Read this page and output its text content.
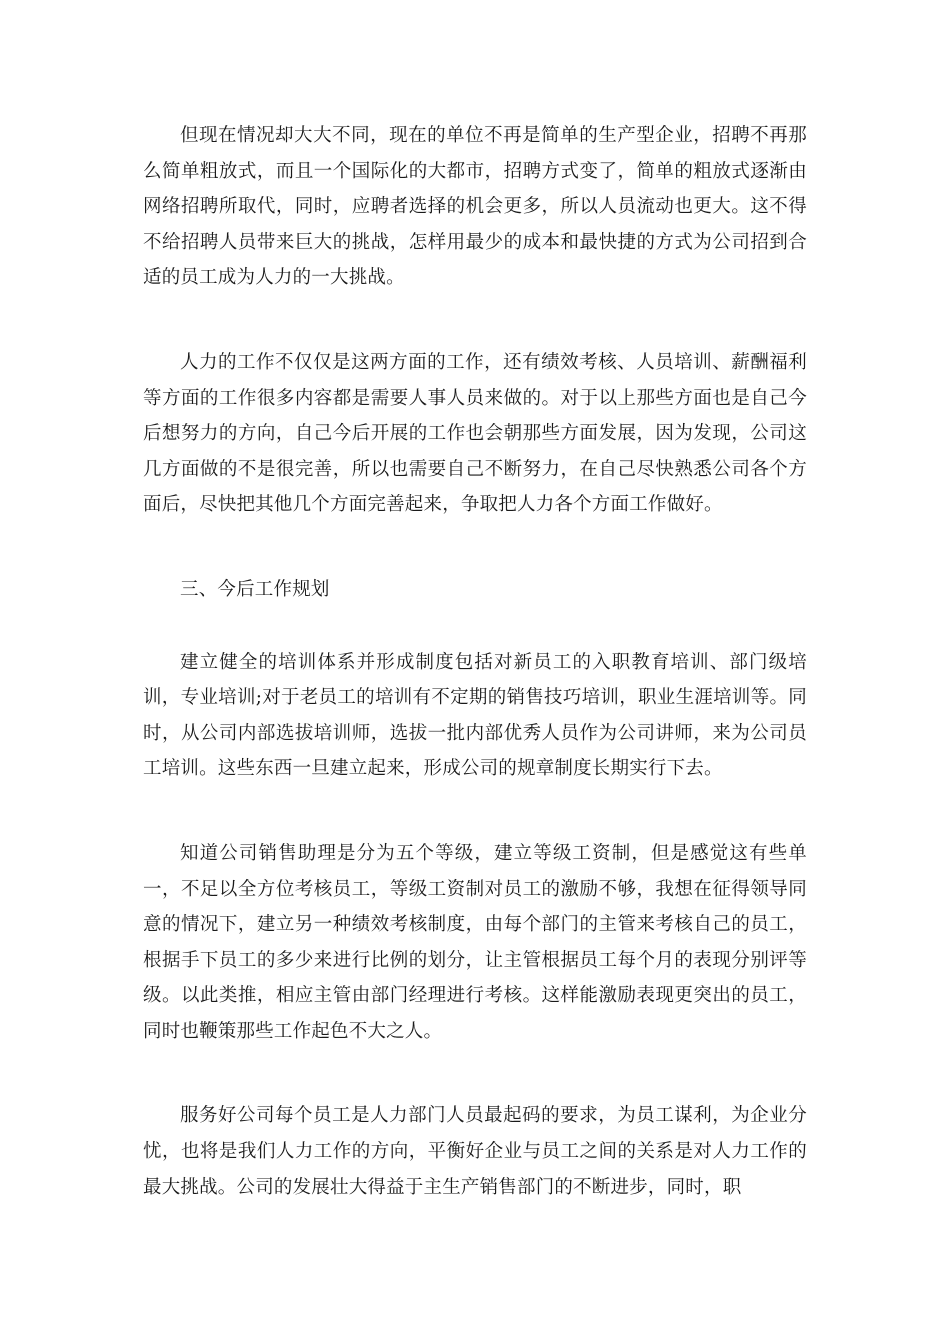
但现在情况却大大不同，现在的单位不再是简单的生产型企业，招聘不再那么简单粗放式，而且一个国际化的大都市，招聘方式变了，简单的粗放式逐渐由网络招聘所取代，同时，应聘者选择的机会更多，所以人员流动也更大。这不得不给招聘人员带来巨大的挑战，怎样用最少的成本和最快捷的方式为公司招到合适的员工成为人力的一大挑战。

人力的工作不仅仅是这两方面的工作，还有绩效考核、人员培训、薪酬福利等方面的工作很多内容都是需要人事人员来做的。对于以上那些方面也是自己今后想努力的方向，自己今后开展的工作也会朝那些方面发展，因为发现，公司这几方面做的不是很完善，所以也需要自己不断努力，在自己尽快熟悉公司各个方面后，尽快把其他几个方面完善起来，争取把人力各个方面工作做好。

三、今后工作规划

建立健全的培训体系并形成制度包括对新员工的入职教育培训、部门级培训，专业培训;对于老员工的培训有不定期的销售技巧培训，职业生涯培训等。同时，从公司内部选拔培训师，选拔一批内部优秀人员作为公司讲师，来为公司员工培训。这些东西一旦建立起来，形成公司的规章制度长期实行下去。

知道公司销售助理是分为五个等级，建立等级工资制，但是感觉这有些单一，不足以全方位考核员工，等级工资制对员工的激励不够，我想在征得领导同意的情况下，建立另一种绩效考核制度，由每个部门的主管来考核自己的员工，根据手下员工的多少来进行比例的划分，让主管根据员工每个月的表现分别评等级。以此类推，相应主管由部门经理进行考核。这样能激励表现更突出的员工，同时也鞭策那些工作起色不大之人。

服务好公司每个员工是人力部门人员最起码的要求，为员工谋利，为企业分忧，也将是我们人力工作的方向，平衡好企业与员工之间的关系是对人力工作的最大挑战。公司的发展壮大得益于主生产销售部门的不断进步，同时，职
